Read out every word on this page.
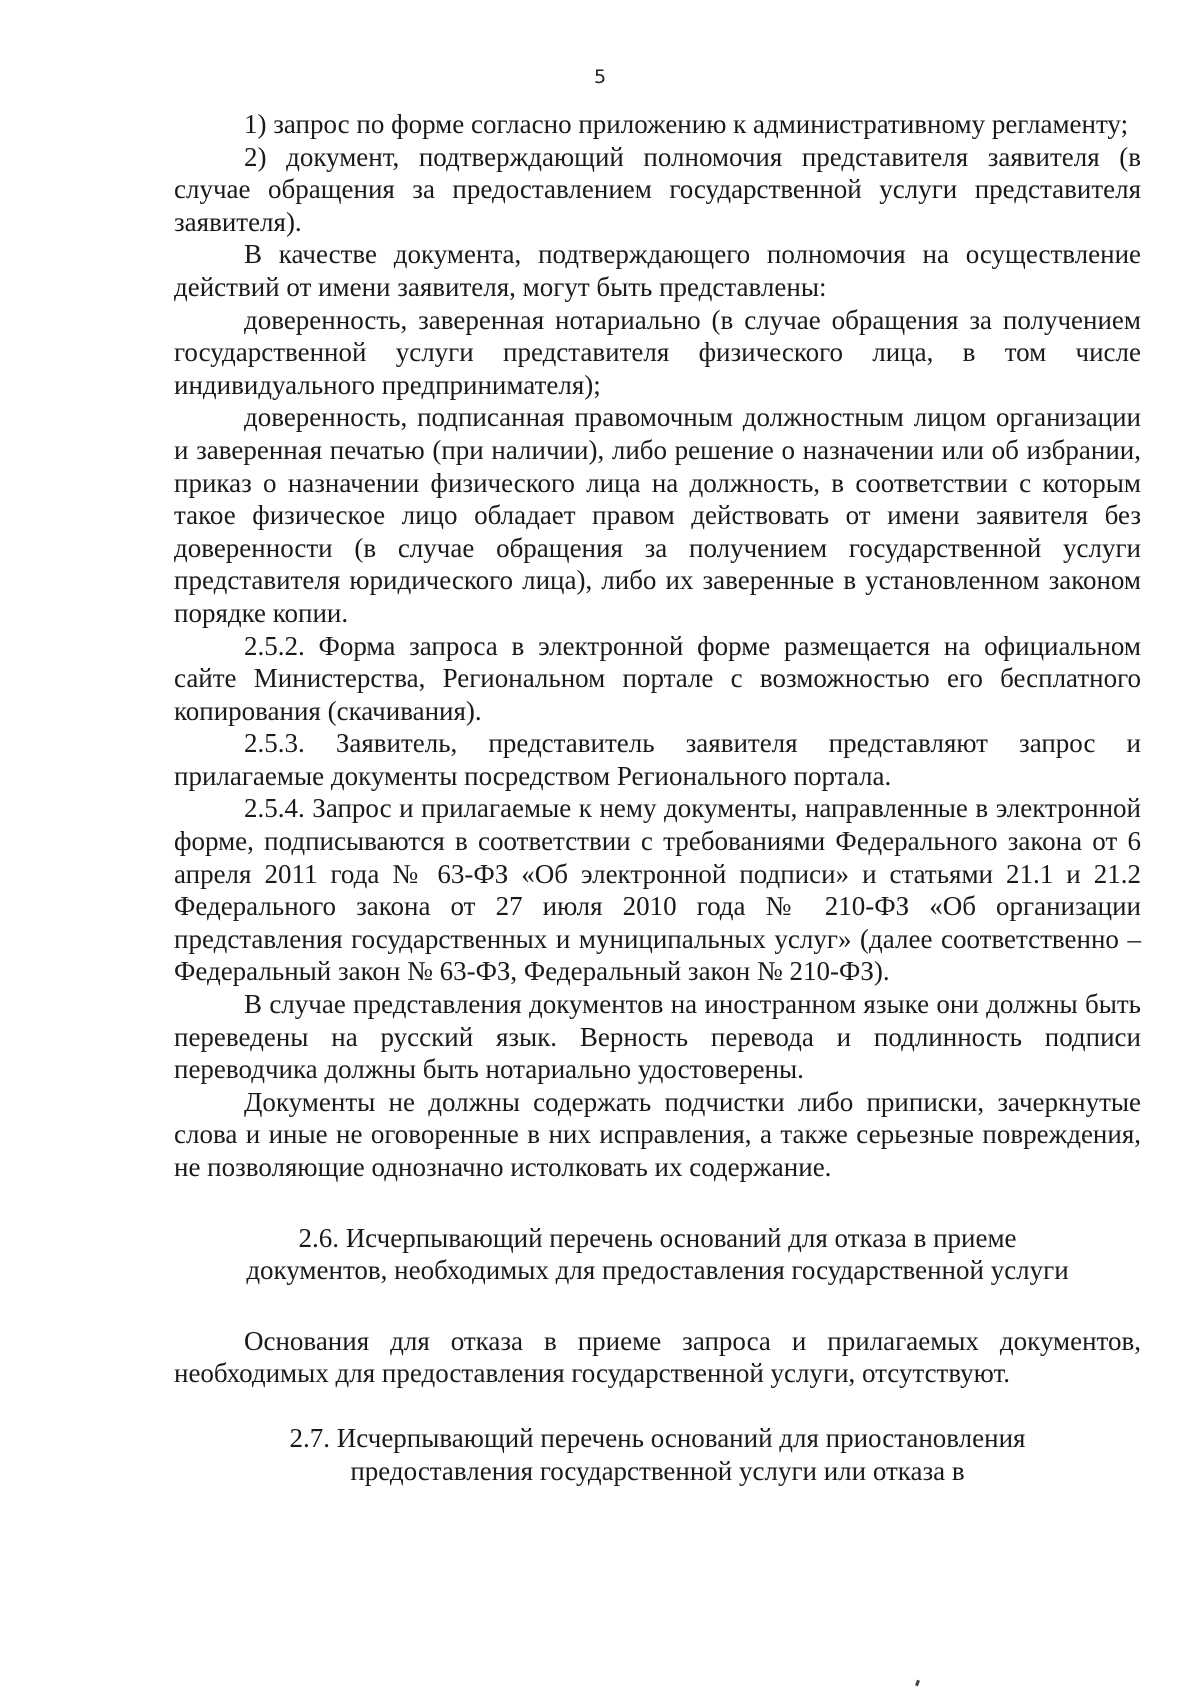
5

1) запрос по форме согласно приложению к административному регламенту;

2) документ, подтверждающий полномочия представителя заявителя (в случае обращения за предоставлением государственной услуги представителя заявителя).

В качестве документа, подтверждающего полномочия на осуществление действий от имени заявителя, могут быть представлены:

доверенность, заверенная нотариально (в случае обращения за получением государственной услуги представителя физического лица, в том числе индивидуального предпринимателя);

доверенность, подписанная правомочным должностным лицом организации и заверенная печатью (при наличии), либо решение о назначении или об избрании, приказ о назначении физического лица на должность, в соответствии с которым такое физическое лицо обладает правом действовать от имени заявителя без доверенности (в случае обращения за получением государственной услуги представителя юридического лица), либо их заверенные в установленном законом порядке копии.

2.5.2. Форма запроса в электронной форме размещается на официальном сайте Министерства, Региональном портале с возможностью его бесплатного копирования (скачивания).

2.5.3. Заявитель, представитель заявителя представляют запрос и прилагаемые документы посредством Регионального портала.

2.5.4. Запрос и прилагаемые к нему документы, направленные в электронной форме, подписываются в соответствии с требованиями Федерального закона от 6 апреля 2011 года № 63-ФЗ «Об электронной подписи» и статьями 21.1 и 21.2 Федерального закона от 27 июля 2010 года № 210-ФЗ «Об организации представления государственных и муниципальных услуг» (далее соответственно – Федеральный закон № 63-ФЗ, Федеральный закон № 210-ФЗ).

В случае представления документов на иностранном языке они должны быть переведены на русский язык. Верность перевода и подлинность подписи переводчика должны быть нотариально удостоверены.

Документы не должны содержать подчистки либо приписки, зачеркнутые слова и иные не оговоренные в них исправления, а также серьезные повреждения, не позволяющие однозначно истолковать их содержание.

2.6. Исчерпывающий перечень оснований для отказа в приеме
документов, необходимых для предоставления государственной услуги

Основания для отказа в приеме запроса и прилагаемых документов, необходимых для предоставления государственной услуги, отсутствуют.

2.7. Исчерпывающий перечень оснований для приостановления
предоставления государственной услуги или отказа в
